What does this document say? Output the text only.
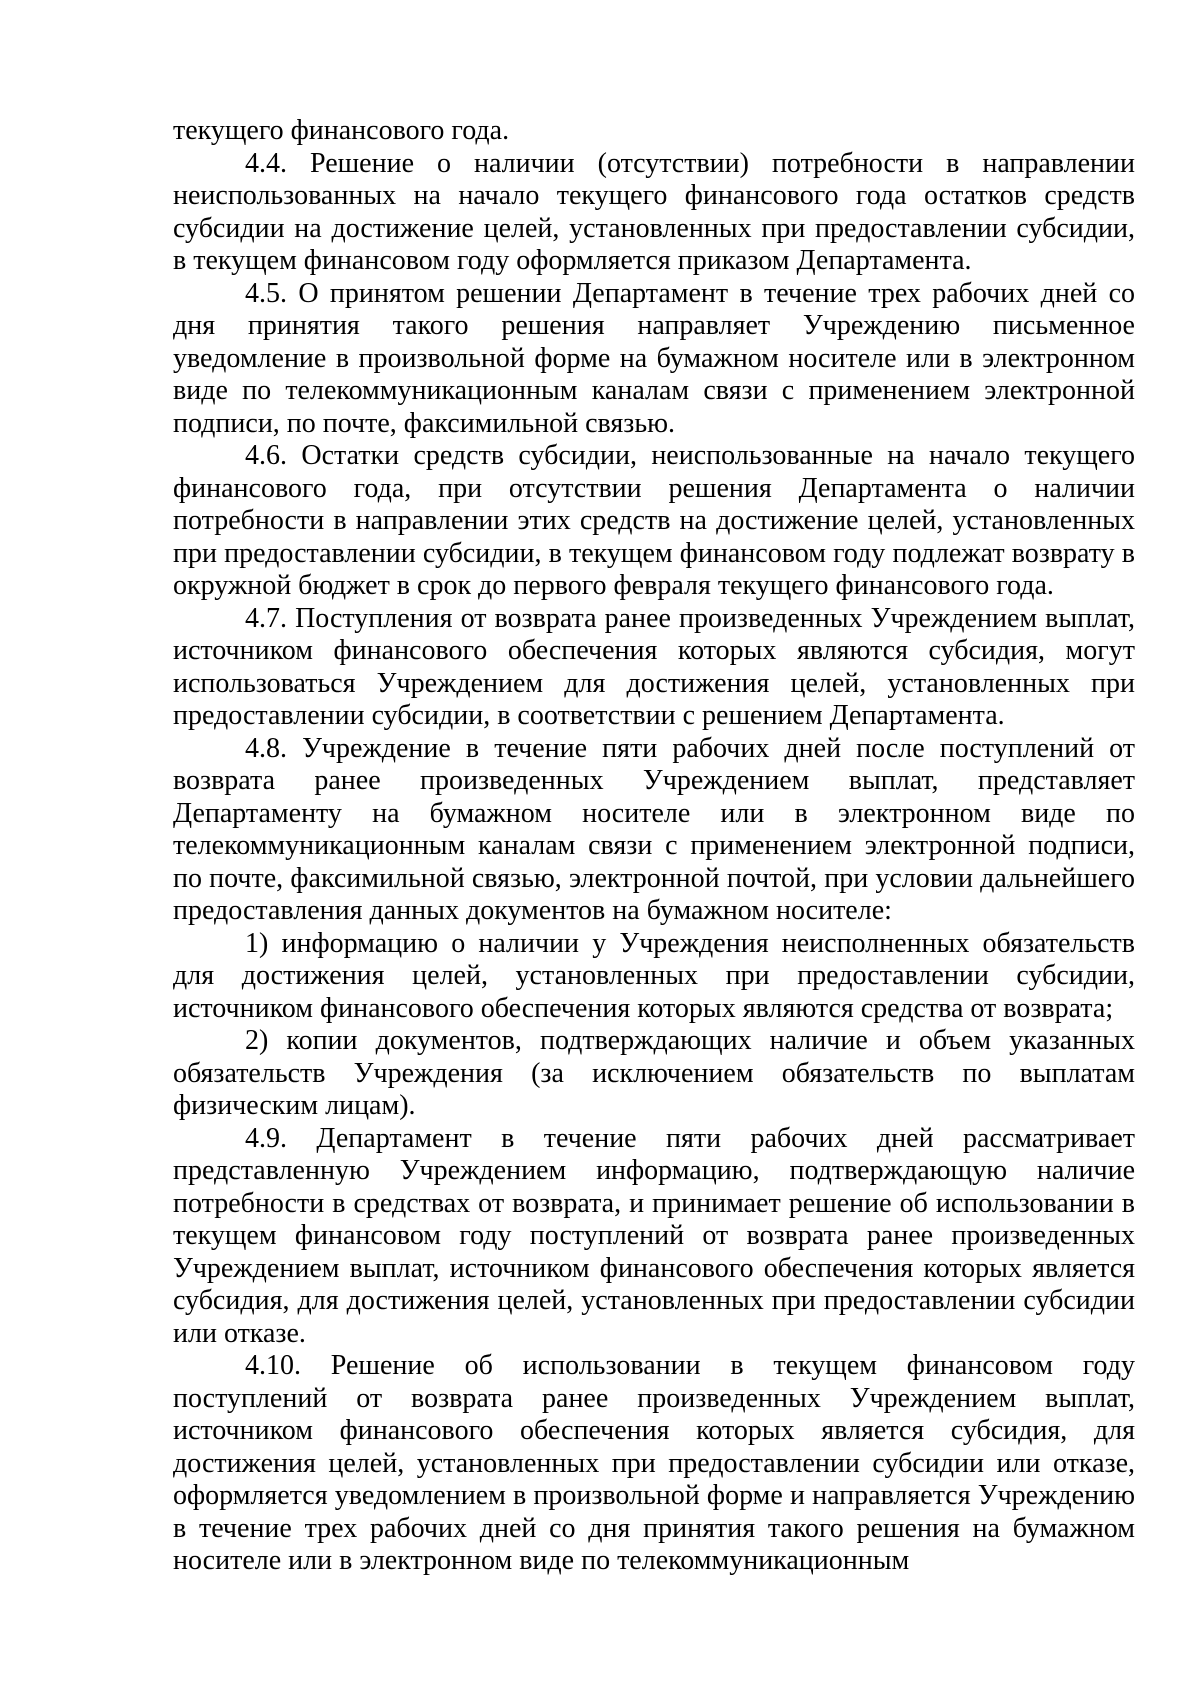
текущего финансового года.

4.4. Решение о наличии (отсутствии) потребности в направлении неиспользованных на начало текущего финансового года остатков средств субсидии на достижение целей, установленных при предоставлении субсидии, в текущем финансовом году оформляется приказом Департамента.

4.5. О принятом решении Департамент в течение трех рабочих дней со дня принятия такого решения направляет Учреждению письменное уведомление в произвольной форме на бумажном носителе или в электронном виде по телекоммуникационным каналам связи с применением электронной подписи, по почте, факсимильной связью.

4.6. Остатки средств субсидии, неиспользованные на начало текущего финансового года, при отсутствии решения Департамента о наличии потребности в направлении этих средств на достижение целей, установленных при предоставлении субсидии, в текущем финансовом году подлежат возврату в окружной бюджет в срок до первого февраля текущего финансового года.

4.7. Поступления от возврата ранее произведенных Учреждением выплат, источником финансового обеспечения которых являются субсидия, могут использоваться Учреждением для достижения целей, установленных при предоставлении субсидии, в соответствии с решением Департамента.

4.8. Учреждение в течение пяти рабочих дней после поступлений от возврата ранее произведенных Учреждением выплат, представляет Департаменту на бумажном носителе или в электронном виде по телекоммуникационным каналам связи с применением электронной подписи, по почте, факсимильной связью, электронной почтой, при условии дальнейшего предоставления данных документов на бумажном носителе:

1) информацию о наличии у Учреждения неисполненных обязательств для достижения целей, установленных при предоставлении субсидии, источником финансового обеспечения которых являются средства от возврата;

2) копии документов, подтверждающих наличие и объем указанных обязательств Учреждения (за исключением обязательств по выплатам физическим лицам).

4.9. Департамент в течение пяти рабочих дней рассматривает представленную Учреждением информацию, подтверждающую наличие потребности в средствах от возврата, и принимает решение об использовании в текущем финансовом году поступлений от возврата ранее произведенных Учреждением выплат, источником финансового обеспечения которых является субсидия, для достижения целей, установленных при предоставлении субсидии или отказе.

4.10. Решение об использовании в текущем финансовом году поступлений от возврата ранее произведенных Учреждением выплат, источником финансового обеспечения которых является субсидия, для достижения целей, установленных при предоставлении субсидии или отказе, оформляется уведомлением в произвольной форме и направляется Учреждению в течение трех рабочих дней со дня принятия такого решения на бумажном носителе или в электронном виде по телекоммуникационным
